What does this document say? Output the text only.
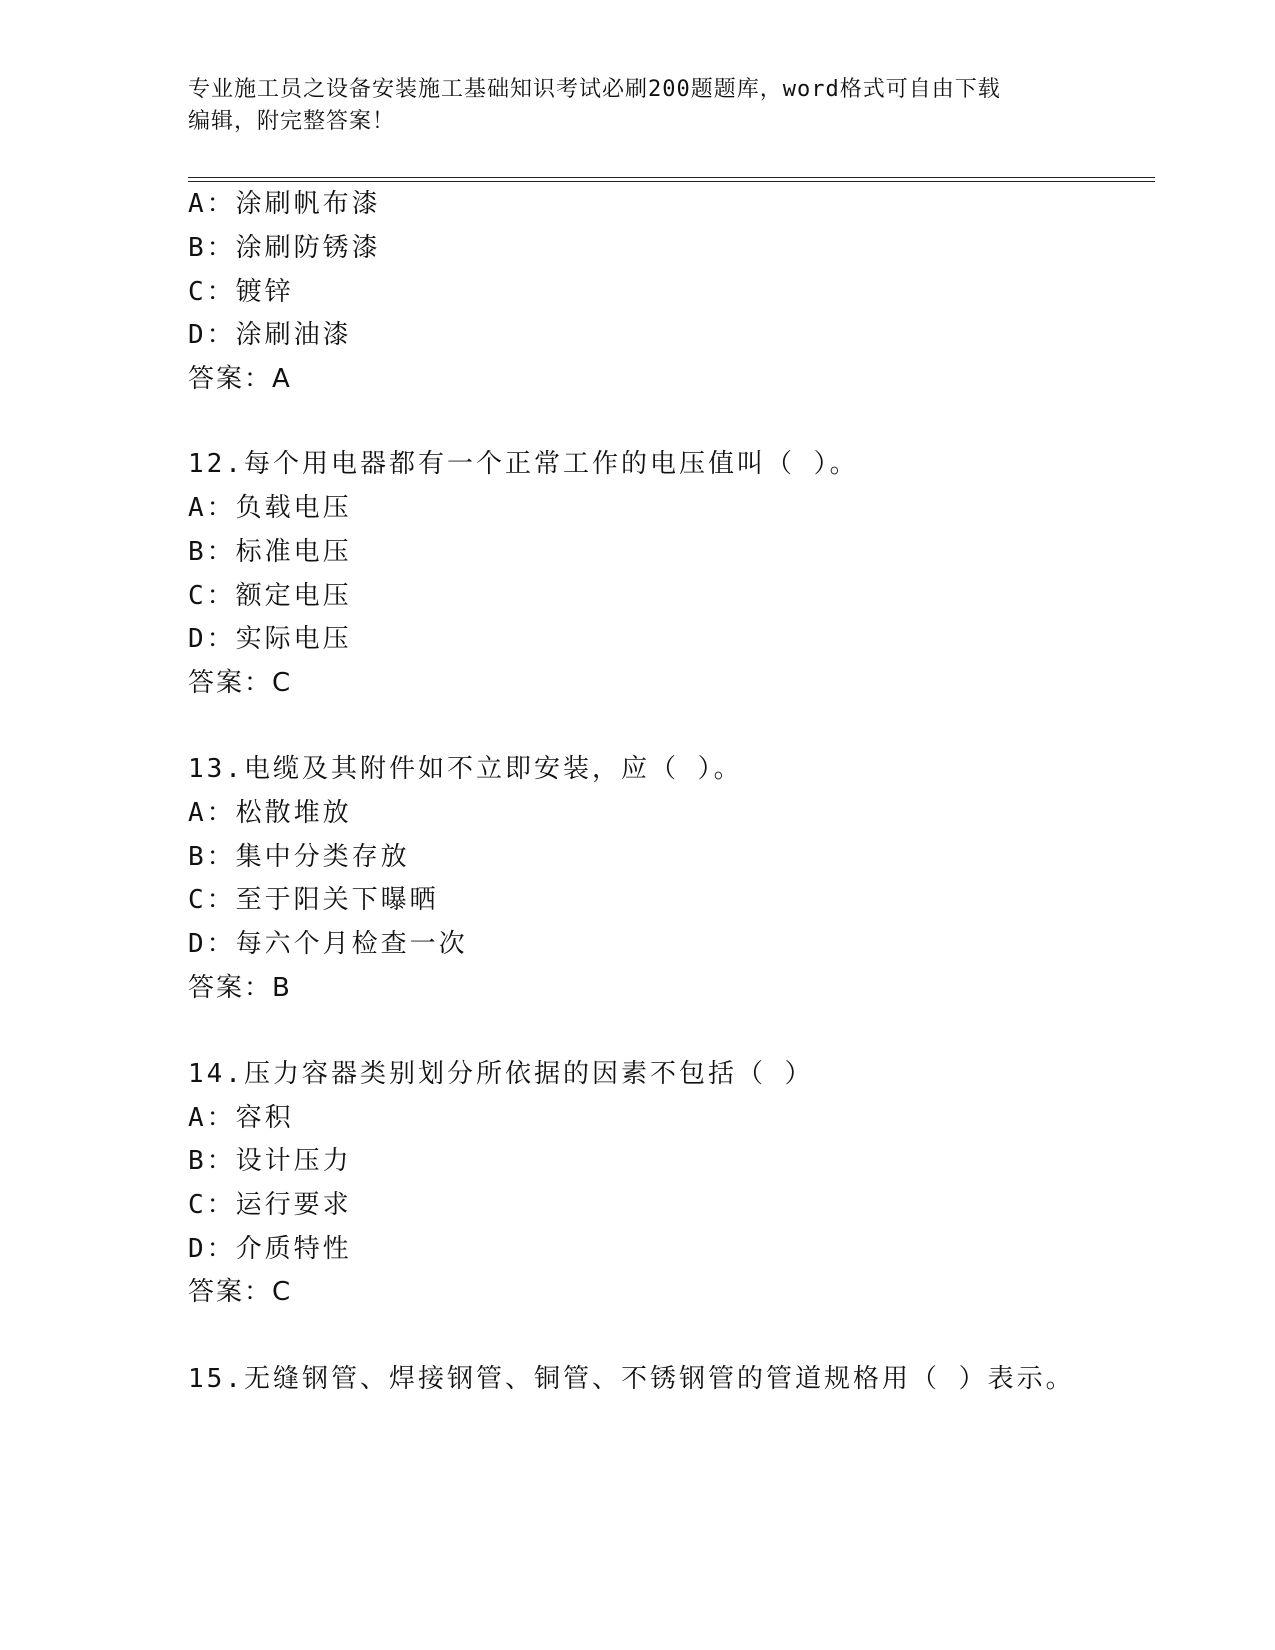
专业施工员之设备安装施工基础知识考试必刷200题题库，word格式可自由下载
编辑，附完整答案！
A：涂刷帆布漆
B：涂刷防锈漆
C：镀锌
D：涂刷油漆
答案：A
12.每个用电器都有一个正常工作的电压值叫（ ）。
A：负载电压
B：标准电压
C：额定电压
D：实际电压
答案：C
13.电缆及其附件如不立即安装，应（ ）。
A：松散堆放
B：集中分类存放
C：至于阳关下曝晒
D：每六个月检查一次
答案：B
14.压力容器类别划分所依据的因素不包括（ ）
A：容积
B：设计压力
C：运行要求
D：介质特性
答案：C
15.无缝钢管、焊接钢管、铜管、不锈钢管的管道规格用（ ）表示。
